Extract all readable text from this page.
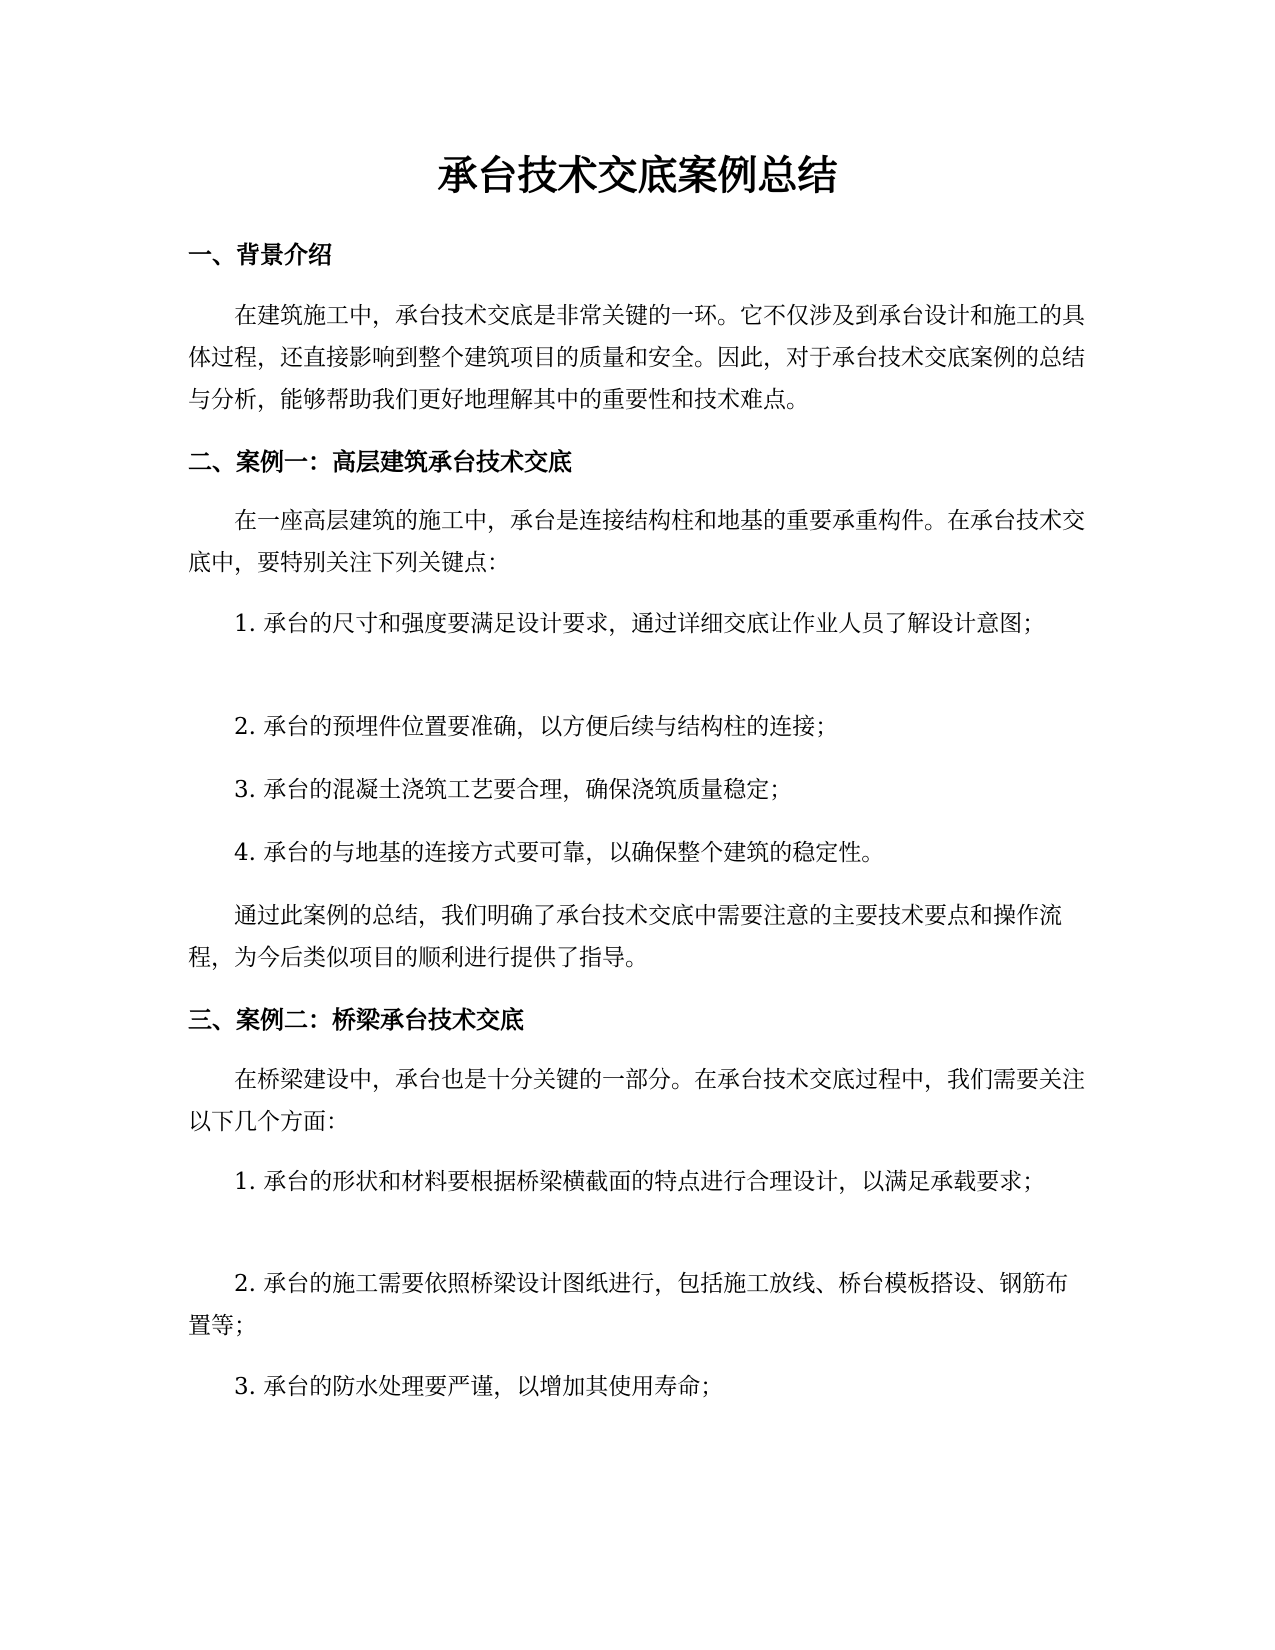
承台技术交底案例总结
一、背景介绍

在建筑施工中，承台技术交底是非常关键的一环。它不仅涉及到承台设计和施工的具体过程，还直接影响到整个建筑项目的质量和安全。因此，对于承台技术交底案例的总结与分析，能够帮助我们更好地理解其中的重要性和技术难点。

二、案例一：高层建筑承台技术交底

在一座高层建筑的施工中，承台是连接结构柱和地基的重要承重构件。在承台技术交底中，要特别关注下列关键点：

1. 承台的尺寸和强度要满足设计要求，通过详细交底让作业人员了解设计意图；

2. 承台的预埋件位置要准确，以方便后续与结构柱的连接；

3. 承台的混凝土浇筑工艺要合理，确保浇筑质量稳定；

4. 承台的与地基的连接方式要可靠，以确保整个建筑的稳定性。

通过此案例的总结，我们明确了承台技术交底中需要注意的主要技术要点和操作流程，为今后类似项目的顺利进行提供了指导。

三、案例二：桥梁承台技术交底

在桥梁建设中，承台也是十分关键的一部分。在承台技术交底过程中，我们需要关注以下几个方面：

1. 承台的形状和材料要根据桥梁横截面的特点进行合理设计，以满足承载要求；

2. 承台的施工需要依照桥梁设计图纸进行，包括施工放线、桥台模板搭设、钢筋布置等；

3. 承台的防水处理要严谨，以增加其使用寿命；
